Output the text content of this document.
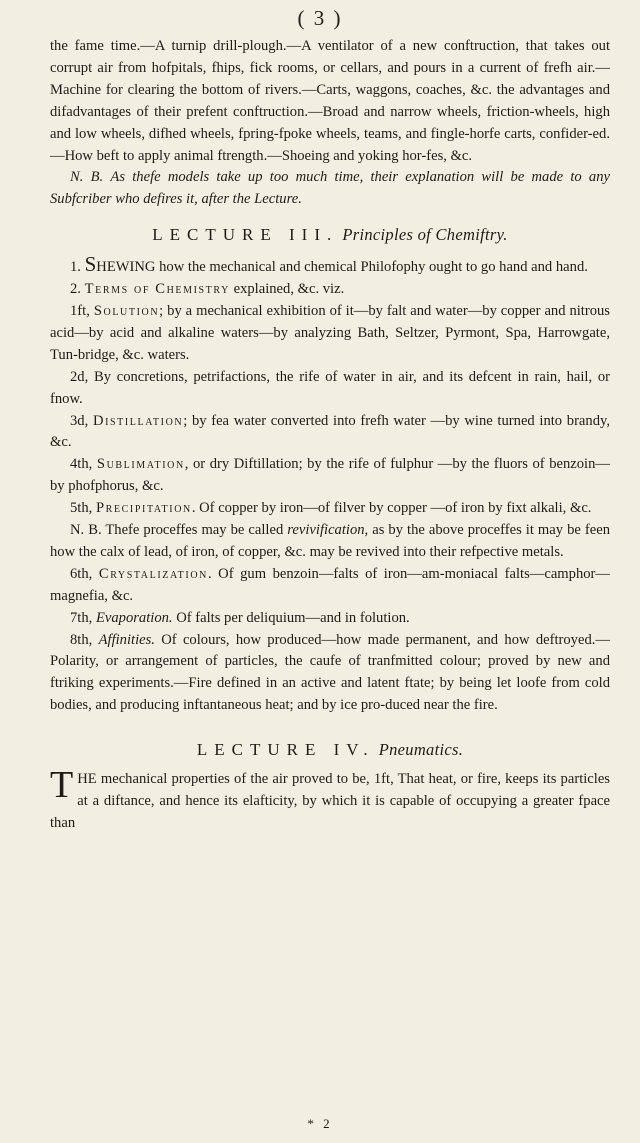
( 3 )

the fame time.—A turnip drill-plough.—A ventilator of a new conftruction, that takes out corrupt air from hofpitals, fhips, fick rooms, or cellars, and pours in a current of frefh air.—Machine for clearing the bottom of rivers.—Carts, waggons, coaches, &c. the advantages and difadvantages of their prefent conftruction.—Broad and narrow wheels, friction-wheels, high and low wheels, difhed wheels, fpring-fpoke wheels, teams, and fingle-horfe carts, confider-ed.—How beft to apply animal ftrength.—Shoeing and yoking hor-fes, &c.

N. B. As thefe models take up too much time, their explanation will be made to any Subfcriber who defires it, after the Lecture.

LECTURE III. Principles of Chemiftry.

1. SHEWING how the mechanical and chemical Philofophy ought to go hand and hand.

2. Terms of Chemistry explained, &c. viz.

1ft, Solution; by a mechanical exhibition of it—by falt and water—by copper and nitrous acid—by acid and alkaline waters—by analyzing Bath, Seltzer, Pyrmont, Spa, Harrowgate, Tun-bridge, &c. waters.

2d, By concretions, petrifactions, the rife of water in air, and its defcent in rain, hail, or fnow.

3d, Distillation; by fea water converted into frefh water —by wine turned into brandy, &c.

4th, Sublimation, or dry Diftillation; by the rife of fulphur —by the fluors of benzoin—by phofphorus, &c.

5th, Precipitation. Of copper by iron—of filver by copper —of iron by fixt alkali, &c.

N. B. Thefe proceffes may be called revivification, as by the above proceffes it may be feen how the calx of lead, of iron, of copper, &c. may be revived into their refpective metals.

6th, Crystalization. Of gum benzoin—falts of iron—am-moniacal falts—camphor—magnefia, &c.

7th, Evaporation. Of falts per deliquium—and in folution.

8th, Affinities. Of colours, how produced—how made permanent, and how deftroyed.—Polarity, or arrangement of particles, the caufe of tranfmitted colour; proved by new and ftriking experiments.—Fire defined in an active and latent ftate; by being let loofe from cold bodies, and producing inftantaneous heat; and by ice pro-duced near the fire.

LECTURE IV. Pneumatics.

THE mechanical properties of the air proved to be, 1ft, That heat, or fire, keeps its particles at a diftance, and hence its elafticity, by which it is capable of occupying a greater fpace than

* 2
